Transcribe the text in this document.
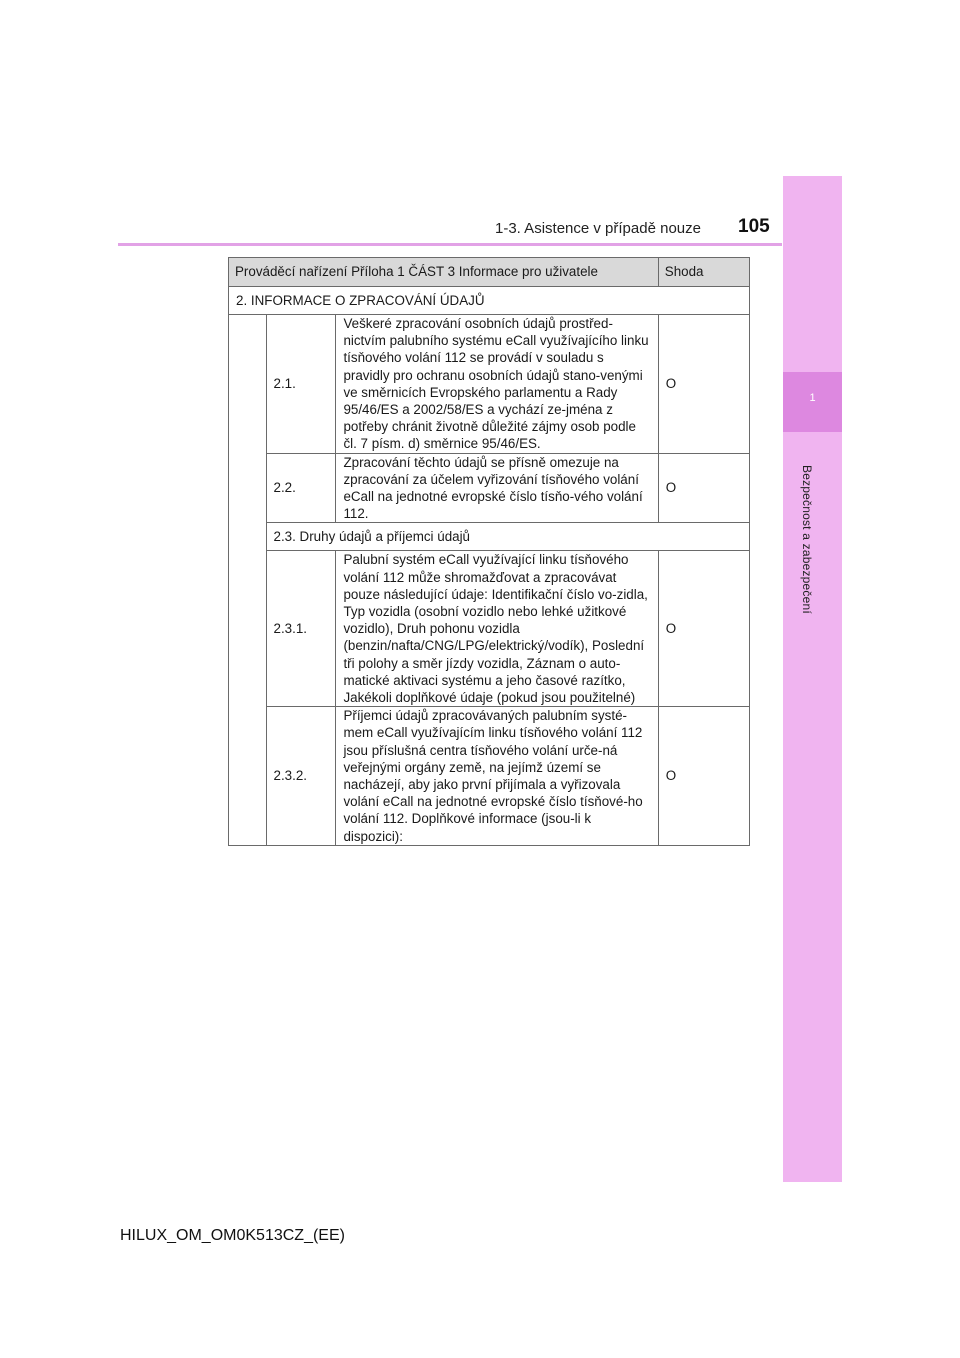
1
Bezpečnost a zabezpečení
1-3. Asistence v případě nouze 105
Prováděcí nařízení Příloha 1 ČÁST 3 Informace pro uživatele			Shoda
2. INFORMACE O ZPRACOVÁNÍ ÚDAJŮ			
	2.1.	Veškeré zpracování osobních údajů prostřed-nictvím palubního systému eCall využívajícího linku tísňového volání 112 se provádí v souladu s pravidly pro ochranu osobních údajů stano-venými ve směrnicích Evropského parlamentu a Rady 95/46/ES a 2002/58/ES a vychází ze-jména z potřeby chránit životně důležité zájmy osob podle čl. 7 písm. d) směrnice 95/46/ES.	O
	2.2.	Zpracování těchto údajů se přísně omezuje na zpracování za účelem vyřizování tísňového volání eCall na jednotné evropské číslo tísňo-vého volání 112.	O
	2.3. Druhy údajů a příjemci údajů		
	2.3.1.	Palubní systém eCall využívající linku tísňového volání 112 může shromažďovat a zpracovávat pouze následující údaje: Identifikační číslo vo-zidla, Typ vozidla (osobní vozidlo nebo lehké užitkové vozidlo), Druh pohonu vozidla (benzin/nafta/CNG/LPG/elektrický/vodík), Poslední tři polohy a směr jízdy vozidla, Záznam o auto-matické aktivaci systému a jeho časové razítko, Jakékoli doplňkové údaje (pokud jsou použitelné)	O
	2.3.2.	Příjemci údajů zpracovávaných palubním systé-mem eCall využívajícím linku tísňového volání 112 jsou příslušná centra tísňového volání urče-ná veřejnými orgány země, na jejímž území se nacházejí, aby jako první přijímala a vyřizovala volání eCall na jednotné evropské číslo tísňové-ho volání 112. Doplňkové informace (jsou-li k dispozici):	O
HILUX_OM_OM0K513CZ_(EE)
